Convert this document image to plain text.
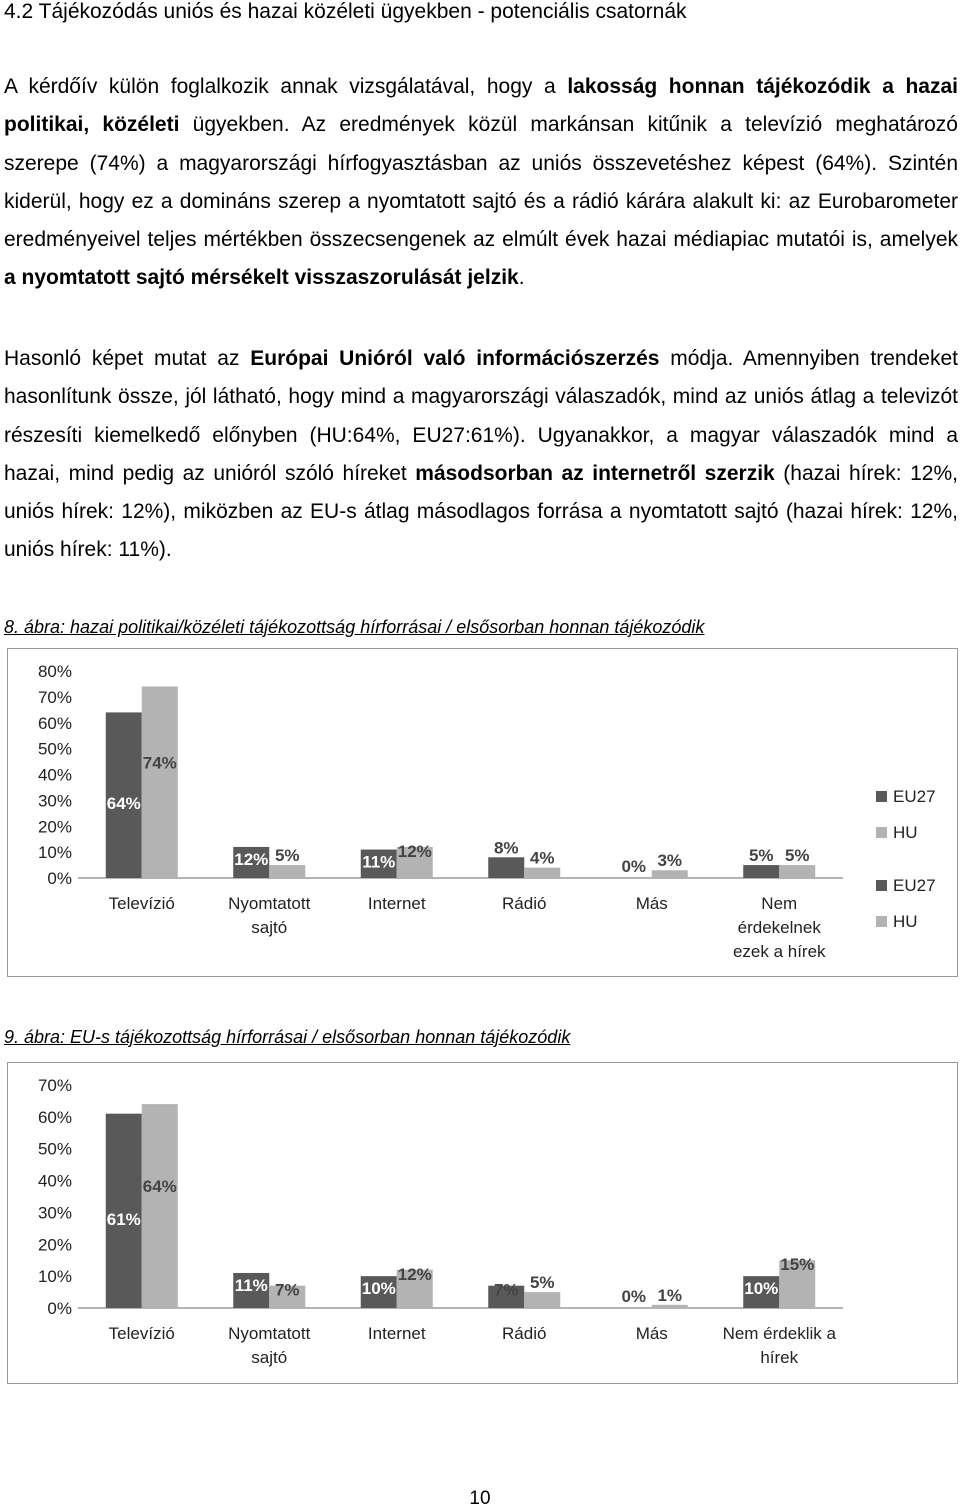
4.2 Tájékozódás uniós és hazai közéleti ügyekben - potenciális csatornák
A kérdőív külön foglalkozik annak vizsgálatával, hogy a lakosság honnan tájékozódik a hazai politikai, közéleti ügyekben. Az eredmények közül markánsan kitűnik a televízió meghatározó szerepe (74%) a magyarországi hírfogyasztásban az uniós összevetéshez képest (64%). Szintén kiderül, hogy ez a domináns szerep a nyomtatott sajtó és a rádió kárára alakult ki: az Eurobarometer eredményeivel teljes mértékben összecsengenek az elmúlt évek hazai médiapiac mutatói is, amelyek a nyomtatott sajtó mérsékelt visszaszorulását jelzik.
Hasonló képet mutat az Európai Unióról való információszerzés módja. Amennyiben trendeket hasonlítunk össze, jól látható, hogy mind a magyarországi válaszadók, mind az uniós átlag a televizót részesíti kiemelkedő előnyben (HU:64%, EU27:61%). Ugyanakkor, a magyar válaszadók mind a hazai, mind pedig az unióról szóló híreket másodsorban az internetről szerzik (hazai hírek: 12%, uniós hírek: 12%), miközben az EU-s átlag másodlagos forrása a nyomtatott sajtó (hazai hírek: 12%, uniós hírek: 11%).
8. ábra: hazai politikai/közéleti tájékozottság hírforrásai / elsősorban honnan tájékozódik
0%
10%
20%
30%
40%
50%
60%
70%
80%
64%
74%
Televízió
12% 5%
Nyomtatott
sajtó
11%
12%
Internet
8%
4%
Rádió
0% 3%
Más
5% 5%
Nem
érdekelnek
ezek a hírek
EU27
HU
9. ábra: EU-s tájékozottság hírforrásai / elsősorban honnan tájékozódik
0%
10%
20%
30%
40%
50%
60%
70%
61%
64%
Televízió
11% 7%
Nyomtatott
sajtó
10%
12%
Internet
7% 5%
Rádió
0% 1%
Más
10%
15%
Nem érdeklik a
hírek
EU27
HU
10
